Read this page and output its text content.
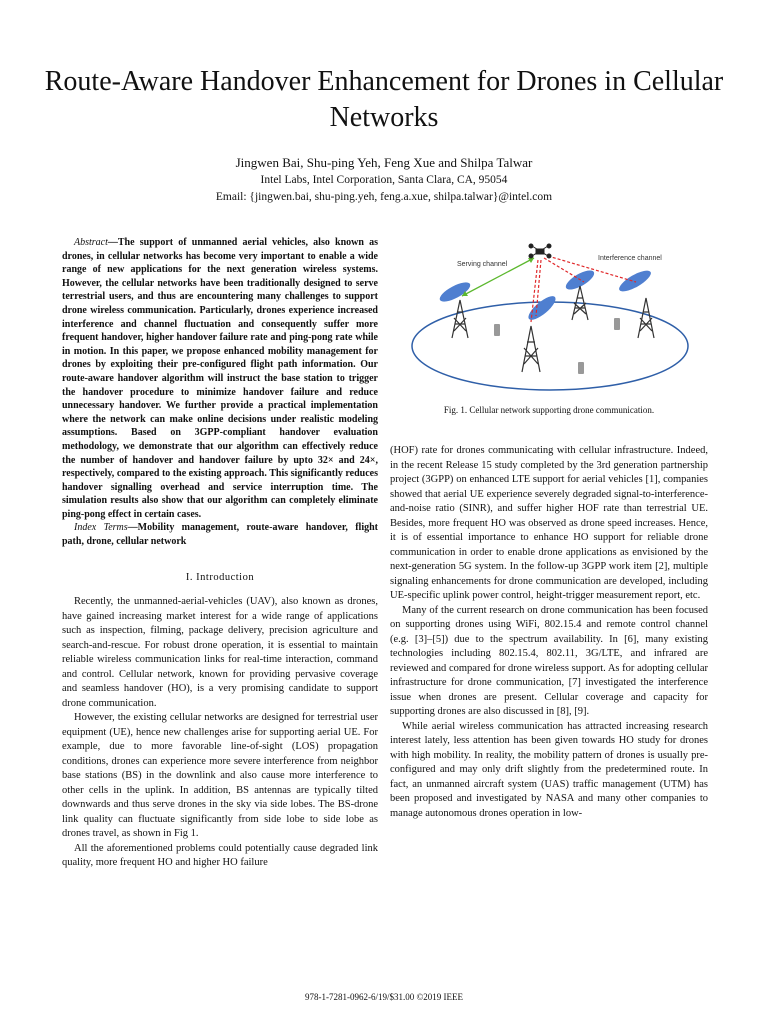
Route-Aware Handover Enhancement for Drones in Cellular Networks
Jingwen Bai, Shu-ping Yeh, Feng Xue and Shilpa Talwar
Intel Labs, Intel Corporation, Santa Clara, CA, 95054
Email: {jingwen.bai, shu-ping.yeh, feng.a.xue, shilpa.talwar}@intel.com

Abstract—The support of unmanned aerial vehicles, also known as drones, in cellular networks has become very important to enable a wide range of new applications for the next generation wireless systems. However, the cellular networks have been traditionally designed to serve terrestrial users, and thus are encountering many challenges to support drone wireless communication. Particularly, drones experience increased interference and channel fluctuation and consequently suffer more frequent handover, higher handover failure rate and ping-pong rate while in motion. In this paper, we propose enhanced mobility management for drones by exploiting their pre-configured flight path information. Our route-aware handover algorithm will instruct the base station to trigger the handover procedure to minimize handover failure and reduce unnecessary handover. We further provide a practical implementation where the network can make online decisions under realistic modeling assumptions. Based on 3GPP-compliant handover evaluation methodology, we demonstrate that our algorithm can effectively reduce the number of handover and handover failure by upto 32× and 24×, respectively, compared to the existing approach. This significantly reduces handover signalling overhead and service interruption time. The simulation results also show that our algorithm can completely eliminate ping-pong effect in certain cases.

Index Terms—Mobility management, route-aware handover, flight path, drone, cellular network

I. Introduction

Recently, the unmanned-aerial-vehicles (UAV), also known as drones, have gained increasing market interest for a wide range of applications such as inspection, filming, package delivery, precision agriculture and search-and-rescue. For robust drone operation, it is essential to maintain reliable wireless communication links for real-time interaction, command and control. Cellular network, known for providing pervasive coverage and seamless handover (HO), is a very promising candidate to support drone communication.

However, the existing cellular networks are designed for terrestrial user equipment (UE), hence new challenges arise for supporting aerial UE. For example, due to more favorable line-of-sight (LOS) propagation conditions, drones can experience more severe interference from neighbor base stations (BS) in the downlink and also cause more interference to other cells in the uplink. In addition, BS antennas are typically tilted downwards and thus serve drones in the sky via side lobes. The BS-drone link quality can fluctuate significantly from side lobe to side lobe as drones travel, as shown in Fig 1.

All the aforementioned problems could potentially cause degraded link quality, more frequent HO and higher HO failure

Serving channel
Interference channel
Fig. 1. Cellular network supporting drone communication.

(HOF) rate for drones communicating with cellular infrastructure. Indeed, in the recent Release 15 study completed by the 3rd generation partnership project (3GPP) on enhanced LTE support for aerial vehicles [1], companies showed that aerial UE experience severely degraded signal-to-interference-and-noise ratio (SINR), and suffer higher HOF rate than terrestrial UE. Besides, more frequent HO was observed as drone speed increases. Hence, it is of essential importance to enhance HO support for reliable drone communication in order to enable drone applications as envisioned by the next-generation 5G system. In the follow-up 3GPP work item [2], multiple signaling enhancements for drone communication are developed, including UE-specific uplink power control, height-trigger measurement report, etc.

Many of the current research on drone communication has been focused on supporting drones using WiFi, 802.15.4 and remote control channel (e.g. [3]–[5]) due to the spectrum availability. In [6], many existing technologies including 802.15.4, 802.11, 3G/LTE, and infrared are reviewed and compared for drone wireless support. As for adopting cellular infrastructure for drone communication, [7] investigated the interference issue when drones are present. Cellular coverage and capacity for supporting drones are also discussed in [8], [9].

While aerial wireless communication has attracted increasing research interest lately, less attention has been given towards HO study for drones with high mobility. In reality, the mobility pattern of drones is usually pre-configured and may only drift slightly from the predetermined route. In fact, an unmanned aircraft system (UAS) traffic management (UTM) has been proposed and investigated by NASA and many other companies to manage autonomous drones operation in low-

978-1-7281-0962-6/19/$31.00 ©2019 IEEE
